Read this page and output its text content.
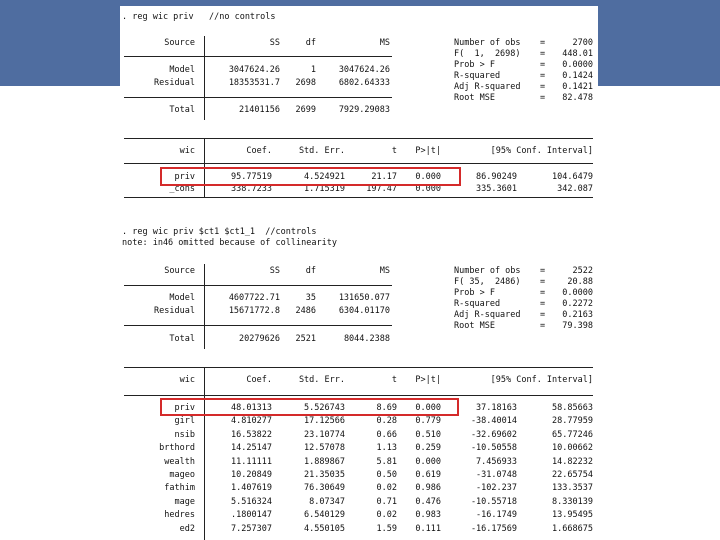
. reg wic priv   //no controls
Source	SS	df	MS
Model	3047624.26	1	3047624.26
Residual	18353531.7	2698	6802.64333
Total	21401156	2699	7929.29083
Number of obs =	2700
F(  1,  2698) =	448.01
Prob > F	=	0.0000
R-squared	=	0.1424
Adj R-squared =	0.1421
Root MSE	=	82.478
wic	Coef.	Std. Err.	t	P>|t|	[95% Conf. Interval]
priv	95.77519	4.524921	21.17	0.000	86.90249	104.6479
_cons	338.7233	1.715319	197.47	0.000	335.3601	342.087
. reg wic priv $ct1 $ct1_1  //controls
note: in46 omitted because of collinearity
Source	SS	df	MS
Model	4607722.71	35	131650.077
Residual	15671772.8	2486	6304.01170
Total	20279626	2521	8044.2388
Number of obs =	2522
F( 35,  2486) =	20.88
Prob > F	=	0.0000
R-squared	=	0.2272
Adj R-squared =	0.2163
Root MSE	=	79.398
wic	Coef.	Std. Err.	t	P>|t|	[95% Conf. Interval]
priv	48.01313	5.526743	8.69	0.000	37.18163	58.85663
girl	4.810277	17.12566	0.28	0.779	-38.40014	28.77959
nsib	16.53822	23.10774	0.66	0.510	-32.69602	65.77246
brthord	14.25147	12.57078	1.13	0.259	-10.50558	10.00662
wealth	11.11111	1.889867	5.81	0.000	7.456933	14.82232
mageo	10.20849	21.35035	0.50	0.619	-31.0748	22.65754
fathim	1.407619	76.30649	0.02	0.986	-102.237	133.3537
mage	5.516324	8.07347	0.71	0.476	-10.55718	8.330139
hedres	.1800147	6.540129	0.02	0.983	-16.1749	13.95495
ed2	7.257307	4.550105	1.59	0.111	-16.17569	1.668675
